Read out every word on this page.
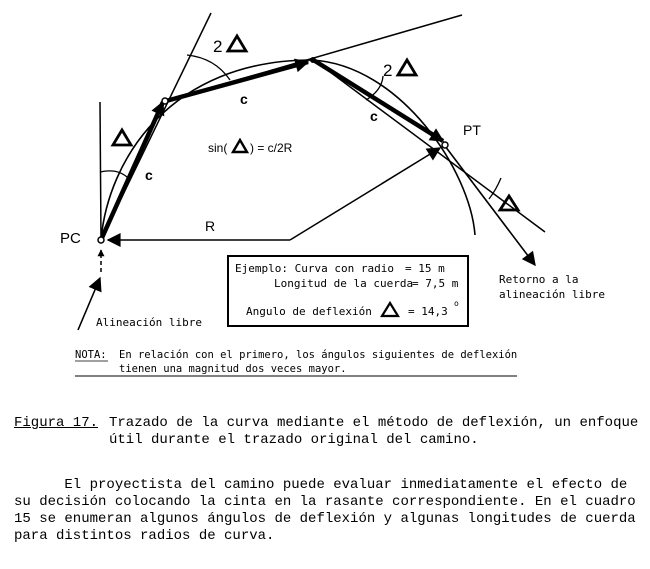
PC
PT
c
c
c
R
2
2
sin( ) = c/2R
Retorno a la
alineación libre
Alineación libre
Ejemplo: Curva con radio = 15 m
Longitud de la cuerda
= 7,5 m
Angulo de deflexión	= 14,3
o
NOTA: En relación con el primero, los ángulos siguientes de deflexión
tienen una magnitud dos veces mayor.
Figura 17. Trazado de la curva mediante el método de deflexión, un enfoque
útil durante el trazado original del camino.
El proyectista del camino puede evaluar inmediatamente el efecto de
su decisión colocando la cinta en la rasante correspondiente. En el cuadro
15 se enumeran algunos ángulos de deflexión y algunas longitudes de cuerda
para distintos radios de curva.
